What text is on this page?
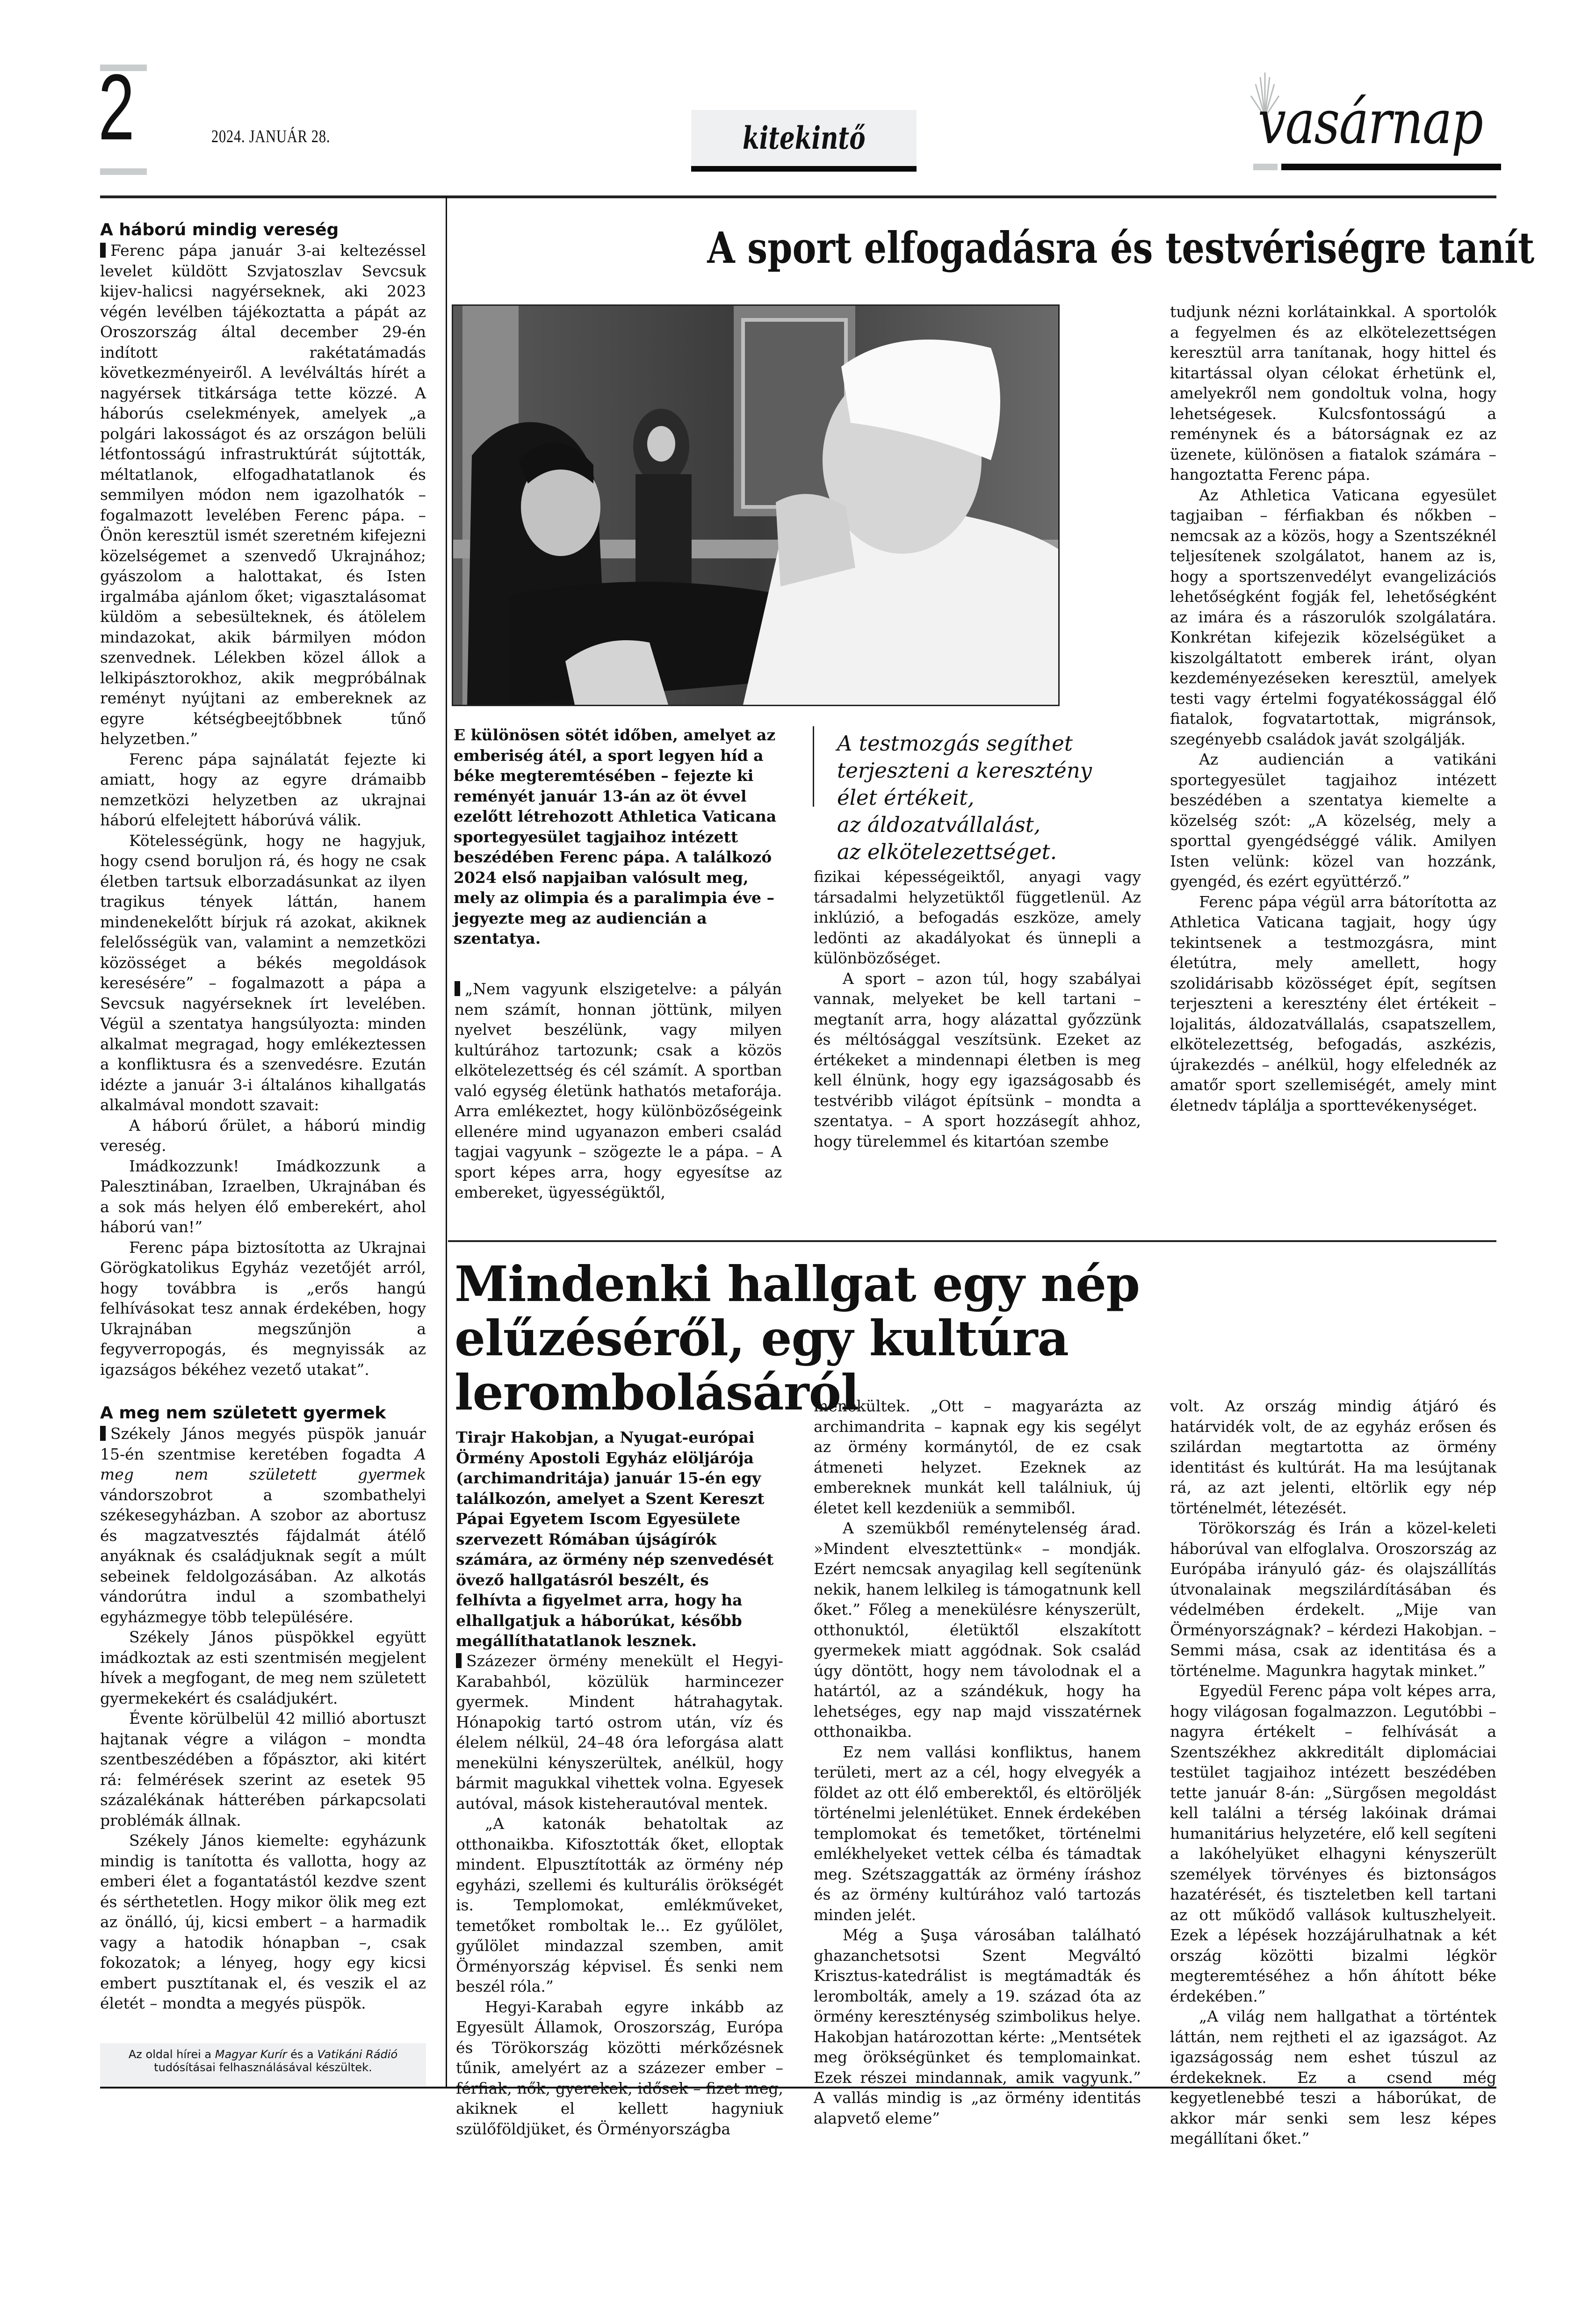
2	2024. JANUÁR 28.	kitekintő	vasárnap
A háború mindig vereség

Ferenc pápa január 3-ai keltezéssel levelet küldött Szvjatoszlav Sevcsuk kijev-halicsi nagyérseknek, aki 2023 végén levélben tájékoztatta a pápát az Oroszország által december 29-én indított rakétatámadás következményeiről. A levélváltás hírét a nagyérsek titkársága tette közzé. A háborús cselekmények, amelyek „a polgári lakosságot és az országon belüli létfontosságú infrastruktúrát sújtották, méltatlanok, elfogadhatatlanok és semmilyen módon nem igazolhatók – fogalmazott levelében Ferenc pápa. – Önön keresztül ismét szeretném kifejezni közelségemet a szenvedő Ukrajnához; gyászolom a halottakat, és Isten irgalmába ajánlom őket; vigasztalásomat küldöm a sebesülteknek, és átölelem mindazokat, akik bármilyen módon szenvednek. Lélekben közel állok a lelkipásztorokhoz, akik megpróbálnak reményt nyújtani az embereknek az egyre kétségbeejtőbbnek tűnő helyzetben.”

Ferenc pápa sajnálatát fejezte ki amiatt, hogy az egyre drámaibb nemzetközi helyzetben az ukrajnai háború elfelejtett háborúvá válik.

Kötelességünk, hogy ne hagyjuk, hogy csend boruljon rá, és hogy ne csak életben tartsuk elborzadásunkat az ilyen tragikus tények láttán, hanem mindenekelőtt bírjuk rá azokat, akiknek felelősségük van, valamint a nemzetközi közösséget a békés megoldások keresésére” – fogalmazott a pápa a Sevcsuk nagyérseknek írt levelében. Végül a szentatya hangsúlyozta: minden alkalmat megragad, hogy emlékeztessen a konfliktusra és a szenvedésre. Ezután idézte a január 3-i általános kihallgatás alkalmával mondott szavait:

A háború őrület, a háború mindig vereség.

Imádkozzunk! Imádkozzunk a Palesztinában, Izraelben, Ukrajnában és a sok más helyen élő emberekért, ahol háború van!”

Ferenc pápa biztosította az Ukrajnai Görögkatolikus Egyház vezetőjét arról, hogy továbbra is „erős hangú felhívásokat tesz annak érdekében, hogy Ukrajnában megszűnjön a fegyverropogás, és megnyissák az igazságos békéhez vezető utakat”.

A meg nem született gyermek

Székely János megyés püspök január 15-én szentmise keretében fogadta A meg nem született gyermek vándorszobrot a szombathelyi székesegyházban. A szobor az abortusz és magzatvesztés fájdalmát átélő anyáknak és családjuknak segít a múlt sebeinek feldolgozásában. Az alkotás vándorútra indul a szombathelyi egyházmegye több településére.

Székely János püspökkel együtt imádkoztak az esti szentmisén megjelent hívek a megfogant, de meg nem született gyermekekért és családjukért.

Évente körülbelül 42 millió abortuszt hajtanak végre a világon – mondta szentbeszédében a főpásztor, aki kitért rá: felmérések szerint az esetek 95 százalékának hátterében párkapcsolati problémák állnak.

Székely János kiemelte: egyházunk mindig is tanította és vallotta, hogy az emberi élet a fogantatástól kezdve szent és sérthetetlen. Hogy mikor ölik meg ezt az önálló, új, kicsi embert – a harmadik vagy a hatodik hónapban –, csak fokozatok; a lényeg, hogy egy kicsi embert pusztítanak el, és veszik el az életét – mondta a megyés püspök.

Az oldal hírei a Magyar Kurír és a Vatikáni Rádió tudósításai felhasználásával készültek.
A sport elfogadásra és testvériségre tanít
E különösen sötét időben, amelyet az emberiség átél, a sport legyen híd a béke megteremtésében – fejezte ki reményét január 13-án az öt évvel ezelőtt létrehozott Athletica Vaticana sportegyesület tagjaihoz intézett beszédében Ferenc pápa. A találkozó 2024 első napjaiban valósult meg, mely az olimpia és a paralimpia éve – jegyezte meg az audiencián a szentatya.
A testmozgás segíthet
terjeszteni a keresztény
élet értékeit,
az áldozatvállalást,
az elkötelezettséget.

„Nem vagyunk elszigetelve: a pályán nem számít, honnan jöttünk, milyen nyelvet beszélünk, vagy milyen kultúrához tartozunk; csak a közös elkötelezettség és cél számít. A sportban való egység életünk hathatós metaforája. Arra emlékeztet, hogy különbözőségeink ellenére mind ugyanazon emberi család tagjai vagyunk – szögezte le a pápa. – A sport képes arra, hogy egyesítse az embereket, ügyességüktől,

fizikai képességeiktől, anyagi vagy társadalmi helyzetüktől függetlenül. Az inklúzió, a befogadás eszköze, amely ledönti az akadályokat és ünnepli a különbözőséget.

A sport – azon túl, hogy szabályai vannak, melyeket be kell tartani – megtanít arra, hogy alázattal győzzünk és méltósággal veszítsünk. Ezeket az értékeket a mindennapi életben is meg kell élnünk, hogy egy igazságosabb és testvéribb világot építsünk – mondta a szentatya. – A sport hozzásegít ahhoz, hogy türelemmel és kitartóan szembe

tudjunk nézni korlátainkkal. A sportolók a fegyelmen és az elkötelezettségen keresztül arra tanítanak, hogy hittel és kitartással olyan célokat érhetünk el, amelyekről nem gondoltuk volna, hogy lehetségesek. Kulcsfontosságú a reménynek és a bátorságnak ez az üzenete, különösen a fiatalok számára – hangoztatta Ferenc pápa.

Az Athletica Vaticana egyesület tagjaiban – férfiakban és nőkben – nemcsak az a közös, hogy a Szentszéknél teljesítenek szolgálatot, hanem az is, hogy a sportszenvedélyt evangelizációs lehetőségként fogják fel, lehetőségként az imára és a rászorulók szolgálatára. Konkrétan kifejezik közelségüket a kiszolgáltatott emberek iránt, olyan kezdeményezéseken keresztül, amelyek testi vagy értelmi fogyatékossággal élő fiatalok, fogvatartottak, migránsok, szegényebb családok javát szolgálják.

Az audiencián a vatikáni sportegyesület tagjaihoz intézett beszédében a szentatya kiemelte a közelség szót: „A közelség, mely a sporttal gyengédséggé válik. Amilyen Isten velünk: közel van hozzánk, gyengéd, és ezért együttérző.”

Ferenc pápa végül arra bátorította az Athletica Vaticana tagjait, hogy úgy tekintsenek a testmozgásra, mint életútra, mely amellett, hogy szolidárisabb közösséget épít, segítsen terjeszteni a keresztény élet értékeit – lojalitás, áldozatvállalás, csapatszellem, elkötelezettség, befogadás, aszkézis, újrakezdés – anélkül, hogy elfelednék az amatőr sport szellemiségét, amely mint életnedv táplálja a sporttevékenységet.

Mindenki hallgat egy nép elűzéséről, egy kultúra lerombolásáról
Tirajr Hakobjan, a Nyugat-európai Örmény Apostoli Egyház elöljárója (archimandritája) január 15-én egy találkozón, amelyet a Szent Kereszt Pápai Egyetem Iscom Egyesülete szervezett Rómában újságírók számára, az örmény nép szenvedését övező hallgatásról beszélt, és felhívta a figyelmet arra, hogy ha elhallgatjuk a háborúkat, később megállíthatatlanok lesznek.

Százezer örmény menekült el Hegyi-Karabahból, közülük harmincezer gyermek. Mindent hátrahagytak. Hónapokig tartó ostrom után, víz és élelem nélkül, 24–48 óra leforgása alatt menekülni kényszerültek, anélkül, hogy bármit magukkal vihettek volna. Egyesek autóval, mások kisteherautóval mentek.

„A katonák behatoltak az otthonaikba. Kifosztották őket, elloptak mindent. Elpusztították az örmény nép egyházi, szellemi és kulturális örökségét is. Templomokat, emlékműveket, temetőket romboltak le... Ez gyűlölet, gyűlölet mindazzal szemben, amit Örményország képvisel. És senki nem beszél róla.”

Hegyi-Karabah egyre inkább az Egyesült Államok, Oroszország, Európa és Törökország közötti mérkőzésnek tűnik, amelyért az a százezer ember – férfiak, nők, gyerekek, idősek – fizet meg, akiknek el kellett hagyniuk szülőföldjüket, és Örményországba

menekültek. „Ott – magyarázta az archimandrita – kapnak egy kis segélyt az örmény kormánytól, de ez csak átmeneti helyzet. Ezeknek az embereknek munkát kell találniuk, új életet kell kezdeniük a semmiből.

A szemükből reménytelenség árad. »Mindent elvesztettünk« – mondják. Ezért nemcsak anyagilag kell segítenünk nekik, hanem lelkileg is támogatnunk kell őket.” Főleg a menekülésre kényszerült, otthonuktól, életüktől elszakított gyermekek miatt aggódnak. Sok család úgy döntött, hogy nem távolodnak el a határtól, az a szándékuk, hogy ha lehetséges, egy nap majd visszatérnek otthonaikba.

Ez nem vallási konfliktus, hanem területi, mert az a cél, hogy elvegyék a földet az ott élő emberektől, és eltöröljék történelmi jelenlétüket. Ennek érdekében templomokat és temetőket, történelmi emlékhelyeket vettek célba és támadtak meg. Szétszaggatták az örmény íráshoz és az örmény kultúrához való tartozás minden jelét.

Még a Şuşa városában található ghazanchetsotsi Szent Megváltó Krisztus-katedrálist is megtámadták és lerombolták, amely a 19. század óta az örmény kereszténység szimbolikus helye. Hakobjan határozottan kérte: „Mentsétek meg örökségünket és templomainkat. Ezek részei mindannak, amik vagyunk.” A vallás mindig is „az örmény identitás alapvető eleme”

volt. Az ország mindig átjáró és határvidék volt, de az egyház erősen és szilárdan megtartotta az örmény identitást és kultúrát. Ha ma lesújtanak rá, az azt jelenti, eltörlik egy nép történelmét, létezését.

Törökország és Irán a közel-keleti háborúval van elfoglalva. Oroszország az Európába irányuló gáz- és olajszállítás útvonalainak megszilárdításában és védelmében érdekelt. „Mije van Örményországnak? – kérdezi Hakobjan. – Semmi mása, csak az identitása és a történelme. Magunkra hagytak minket.”

Egyedül Ferenc pápa volt képes arra, hogy világosan fogalmazzon. Legutóbbi – nagyra értékelt – felhívását a Szentszékhez akkreditált diplomáciai testület tagjaihoz intézett beszédében tette január 8-án: „Sürgősen megoldást kell találni a térség lakóinak drámai humanitárius helyzetére, elő kell segíteni a lakóhelyüket elhagyni kényszerült személyek törvényes és biztonságos hazatérését, és tiszteletben kell tartani az ott működő vallások kultuszhelyeit. Ezek a lépések hozzájárulhatnak a két ország közötti bizalmi légkör megteremtéséhez a hőn áhított béke érdekében.”

„A világ nem hallgathat a történtek láttán, nem rejtheti el az igazságot. Az igazságosság nem eshet túszul az érdekeknek. Ez a csend még kegyetlenebbé teszi a háborúkat, de akkor már senki sem lesz képes megállítani őket.”
